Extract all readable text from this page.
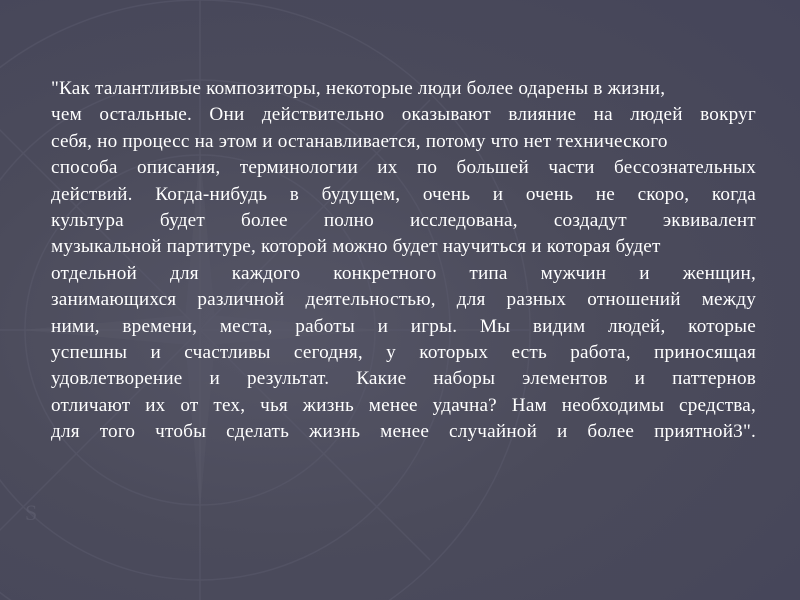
S
"Как талантливые композиторы, некоторые люди более одарены в жизни,
чем остальные. Они действительно оказывают влияние на людей вокруг
себя, но процесс на этом и останавливается, потому что нет технического
способа описания, терминологии их по большей части бессознательных
действий. Когда-нибудь в будущем, очень и очень не скоро, когда
культура будет более полно исследована, создадут эквивалент
музыкальной партитуре, которой можно будет научиться и которая будет
отдельной для каждого конкретного типа мужчин и женщин,
занимающихся различной деятельностью, для разных отношений между
ними, времени, места, работы и игры. Мы видим людей, которые
успешны и счастливы сегодня, у которых есть работа, приносящая
удовлетворение и результат. Какие наборы элементов и паттернов
отличают их от тех, чья жизнь менее удачна? Нам необходимы средства,
для того чтобы сделать жизнь менее случайной и более приятной3".
